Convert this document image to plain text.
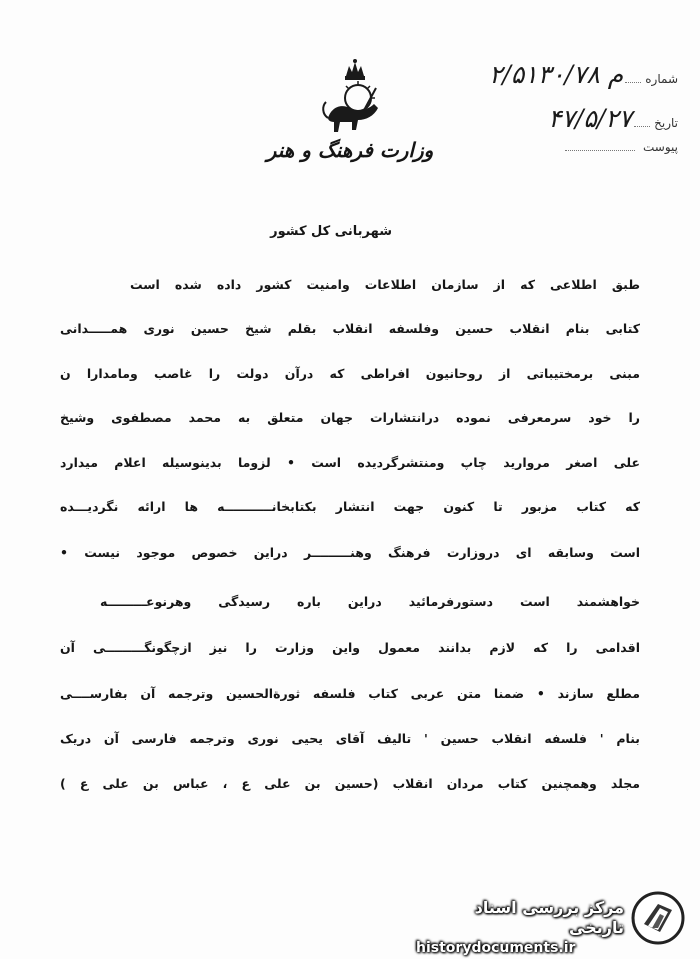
وزارت فرهنگ و هنر
شماره
۲/۵۱۳۰/۷۸ م
تاریخ
۴۷/۵/۲۷
پیوست
شهربانی کل کشور
طبق اطلاعی که از سازمان اطلاعات وامنیت کشور داده شده است
کتابی بنام انقلاب حسین وفلسفه انقلاب بقلم شیخ حسین نوری همـــــدانی
مبنی برمختیباتی از روحانیون افراطی که درآن دولت را غاصب ومامدارا ن
را خود سرمعرفی نموده درانتشارات جهان متعلق به محمد مصطفوی وشیخ
علی اصغر مروارید چاپ ومنتشرگردیده است • لزوما بدینوسیله اعلام میدارد
که کتاب مزبور تا کنون جهت انتشار بکتابخانـــــــــــه ها ارائه نگردیـــده
است وسابقه ای دروزارت فرهنگ وهنـــــــــر دراین خصوص موجود نیست •
خواهشمند است دستورفرمائید دراین باره رسیدگی وهرنوعـــــــــه
اقدامی را که لازم بدانند معمول واین وزارت را نیز ازچگونگـــــــــی آن
مطلع سازند • ضمنا متن عربی کتاب فلسفه ثورةالحسین وترجمه آن بفارســــی
بنام ' فلسفه انقلاب حسین ' تالیف آقای یحیی نوری وترجمه فارسی آن دریک
مجلد وهمچنین کتاب مردان انقلاب (حسین بن علی ع ، عباس بن علی ع )
مرکز بررسی اسناد تاریخی
historydocuments.ir
